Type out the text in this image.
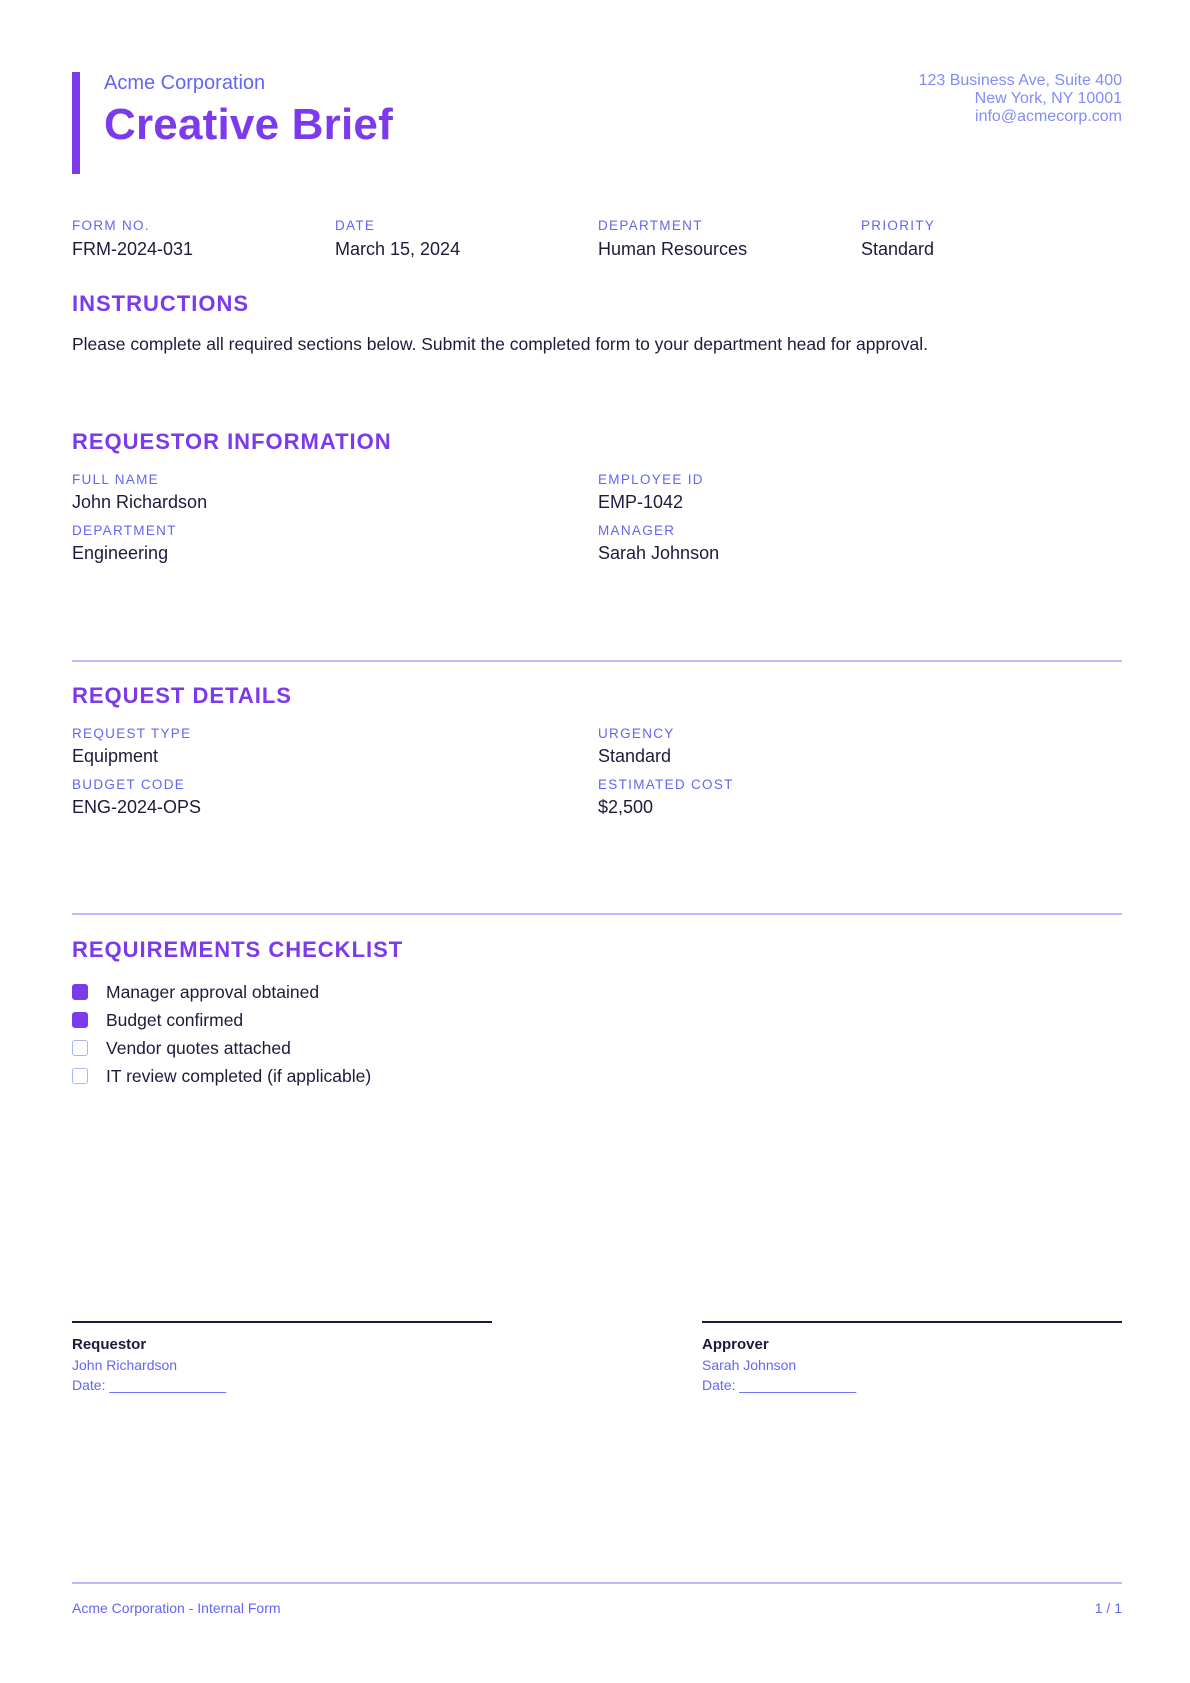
Acme Corporation
Creative Brief
123 Business Ave, Suite 400
New York, NY 10001
info@acmecorp.com
FORM NO.
FRM-2024-031
DATE
March 15, 2024
DEPARTMENT
Human Resources
PRIORITY
Standard
INSTRUCTIONS
Please complete all required sections below. Submit the completed form to your department head for approval.
REQUESTOR INFORMATION
FULL NAME
John Richardson
EMPLOYEE ID
EMP-1042
DEPARTMENT
Engineering
MANAGER
Sarah Johnson
REQUEST DETAILS
REQUEST TYPE
Equipment
URGENCY
Standard
BUDGET CODE
ENG-2024-OPS
ESTIMATED COST
$2,500
REQUIREMENTS CHECKLIST
Manager approval obtained
Budget confirmed
Vendor quotes attached
IT review completed (if applicable)
Requestor
John Richardson
Date: _______________
Approver
Sarah Johnson
Date: _______________
Acme Corporation - Internal Form	1 / 1
